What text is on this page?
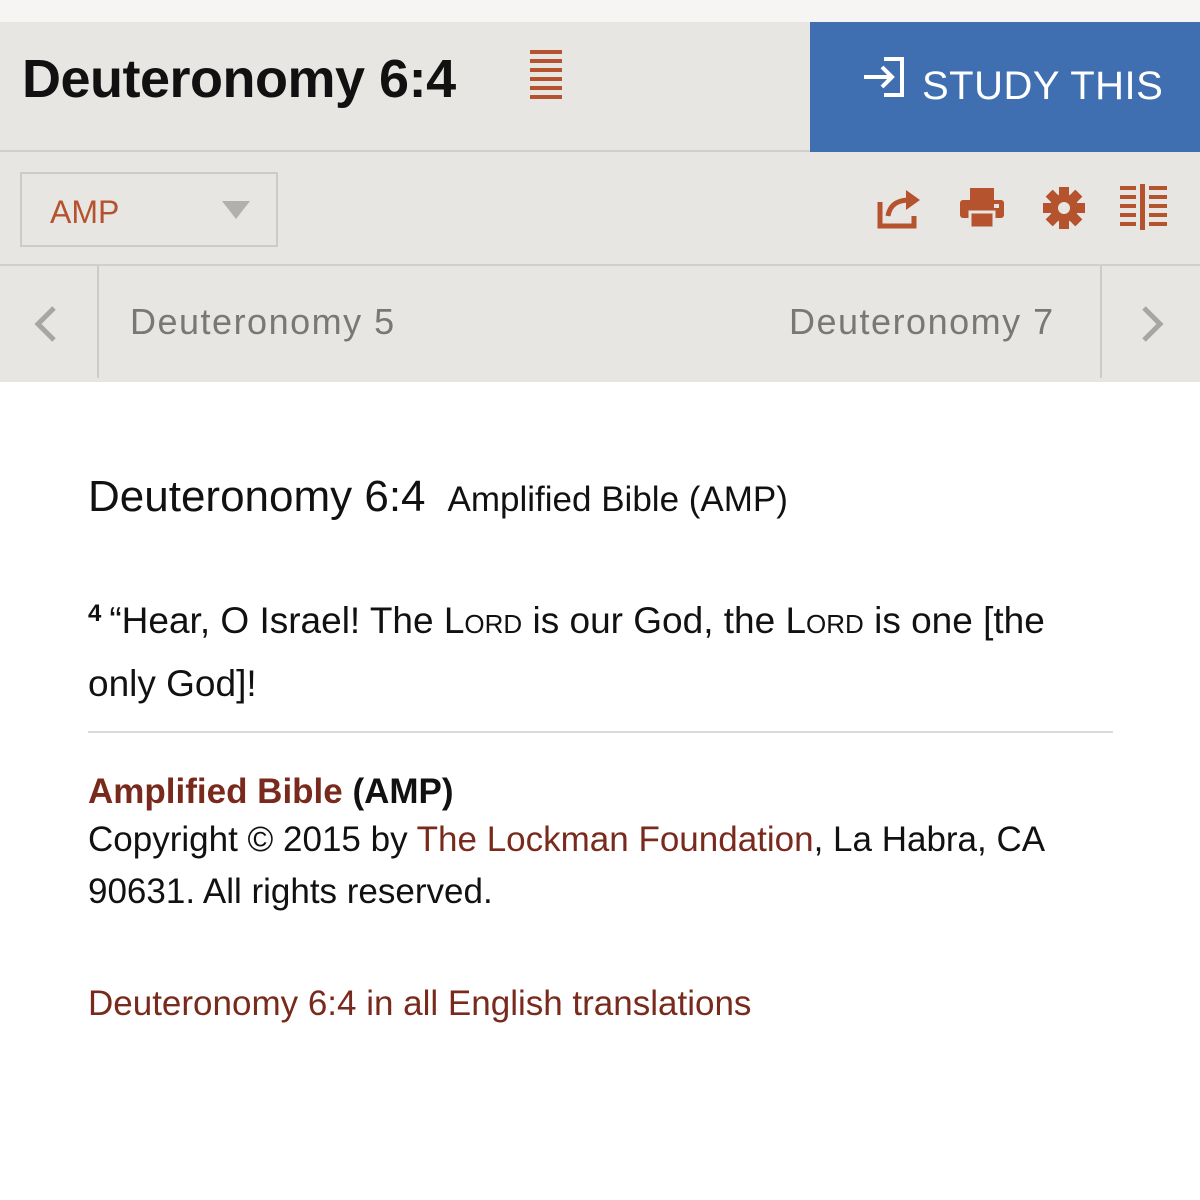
Deuteronomy 6:4	STUDY THIS
AMP
Deuteronomy 5	Deuteronomy 7
Deuteronomy 6:4 Amplified Bible (AMP)

$^4$ “Hear, O Israel! The Lord is our God, the Lord is one [the only God]!

Amplified Bible (AMP)
Copyright © 2015 by The Lockman Foundation, La Habra, CA 90631. All rights reserved.
Deuteronomy 6:4 in all English translations
